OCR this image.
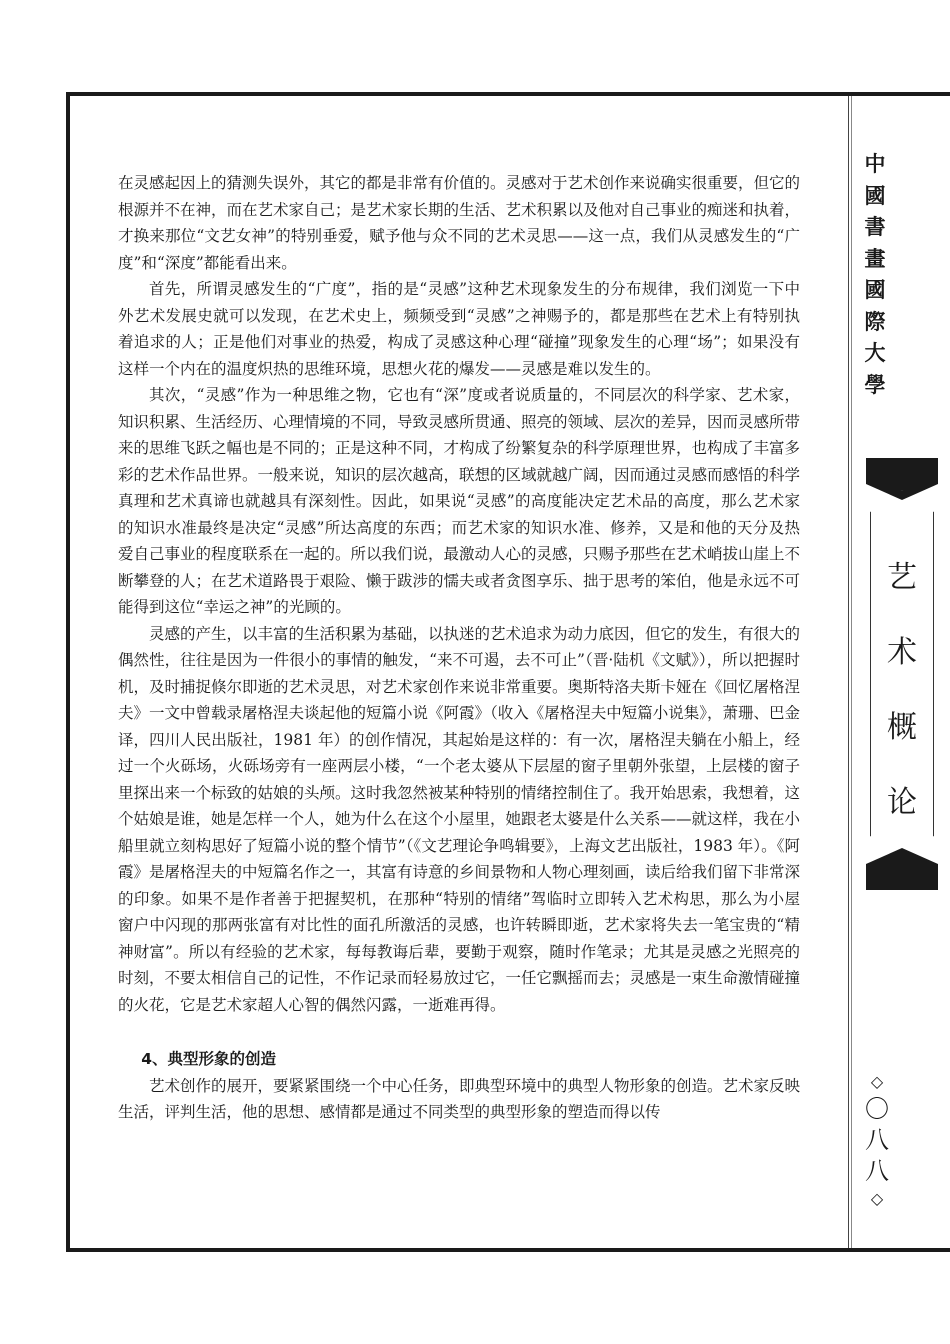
在灵感起因上的猜测失误外，其它的都是非常有价值的。灵感对于艺术创作来说确实很重要，但它的根源并不在神，而在艺术家自己；是艺术家长期的生活、艺术积累以及他对自己事业的痴迷和执着，才换来那位“文艺女神”的特别垂爱，赋予他与众不同的艺术灵思——这一点，我们从灵感发生的“广度”和“深度”都能看出来。

首先，所谓灵感发生的“广度”，指的是“灵感”这种艺术现象发生的分布规律，我们浏览一下中外艺术发展史就可以发现，在艺术史上，频频受到“灵感”之神赐予的，都是那些在艺术上有特别执着追求的人；正是他们对事业的热爱，构成了灵感这种心理“碰撞”现象发生的心理“场”；如果没有这样一个内在的温度炽热的思维环境，思想火花的爆发——灵感是难以发生的。

其次，“灵感”作为一种思维之物，它也有“深”度或者说质量的，不同层次的科学家、艺术家，知识积累、生活经历、心理情境的不同，导致灵感所贯通、照亮的领域、层次的差异，因而灵感所带来的思维飞跃之幅也是不同的；正是这种不同，才构成了纷繁复杂的科学原理世界，也构成了丰富多彩的艺术作品世界。一般来说，知识的层次越高，联想的区域就越广阔，因而通过灵感而感悟的科学真理和艺术真谛也就越具有深刻性。因此，如果说“灵感”的高度能决定艺术品的高度，那么艺术家的知识水准最终是决定“灵感”所达高度的东西；而艺术家的知识水准、修养，又是和他的天分及热 爱自己事业的程度联系在一起的。所以我们说，最激动人心的灵感，只赐予那些在艺术峭拔山崖上不断攀登的人；在艺术道路畏于艰险、懒于跋涉的懦夫或者贪图享乐、拙于思考的笨伯，他是永远不可能得到这位“幸运之神”的光顾的。

灵感的产生，以丰富的生活积累为基础，以执迷的艺术追求为动力底因，但它的发生，有很大的偶然性，往往是因为一件很小的事情的触发，“来不可遏，去不可止”（晋·陆机《文赋》），所以把握时机，及时捕捉倏尔即逝的艺术灵思，对艺术家创作来说非常重要。奥斯特洛夫斯卡娅在《回忆屠格涅夫》一文中曾载录屠格涅夫谈起他的短篇小说《阿霞》（收入《屠格涅夫中短篇小说集》，萧珊、巴金译，四川人民出版社，1981 年）的创作情况，其起始是这样的：有一次，屠格涅夫躺在小船上，经过一个火砾场，火砾场旁有一座两层小楼，“一个老太婆从下层屋的窗子里朝外张望，上层楼的窗子里探出来一个标致的姑娘的头颅。这时我忽然被某种特别的情绪控制住了。我开始思索，我想着，这个姑娘是谁，她是怎样一个人，她为什么在这个小屋里，她跟老太婆是什么关系——就这样，我在小船里就立刻构思好了短篇小说的整个情节”（《文艺理论争鸣辑要》，上海文艺出版社，1983 年）。《阿霞》是屠格涅夫的中短篇名作之一，其富有诗意的乡间景物和人物心理刻画，读后给我们留下非常深的印象。如果不是作者善于把握契机，在那种“特别的情绪”驾临时立即转入艺术构思，那么为小屋窗户中闪现的那两张富有对比性的面孔所激活的灵感，也许转瞬即逝，艺术家将失去一笔宝贵的“精神财富”。所以有经验的艺术家，每每教诲后辈，要勤于观察，随时作笔录；尤其是灵感之光照亮的时刻，不要太相信自己的记性，不作记录而轻易放过它，一任它飘摇而去；灵感是一束生命激情碰撞的火花，它是艺术家超人心智的偶然闪露，一逝难再得。

4、典型形象的创造

艺术创作的展开，要紧紧围绕一个中心任务，即典型环境中的典型人物形象的创造。艺术家反映生活，评判生活，他的思想、感情都是通过不同类型的典型形象的塑造而得以传

中
國
書
畫
國
際
大
學
艺
术
概
论
◇
〇
八
八
◇
